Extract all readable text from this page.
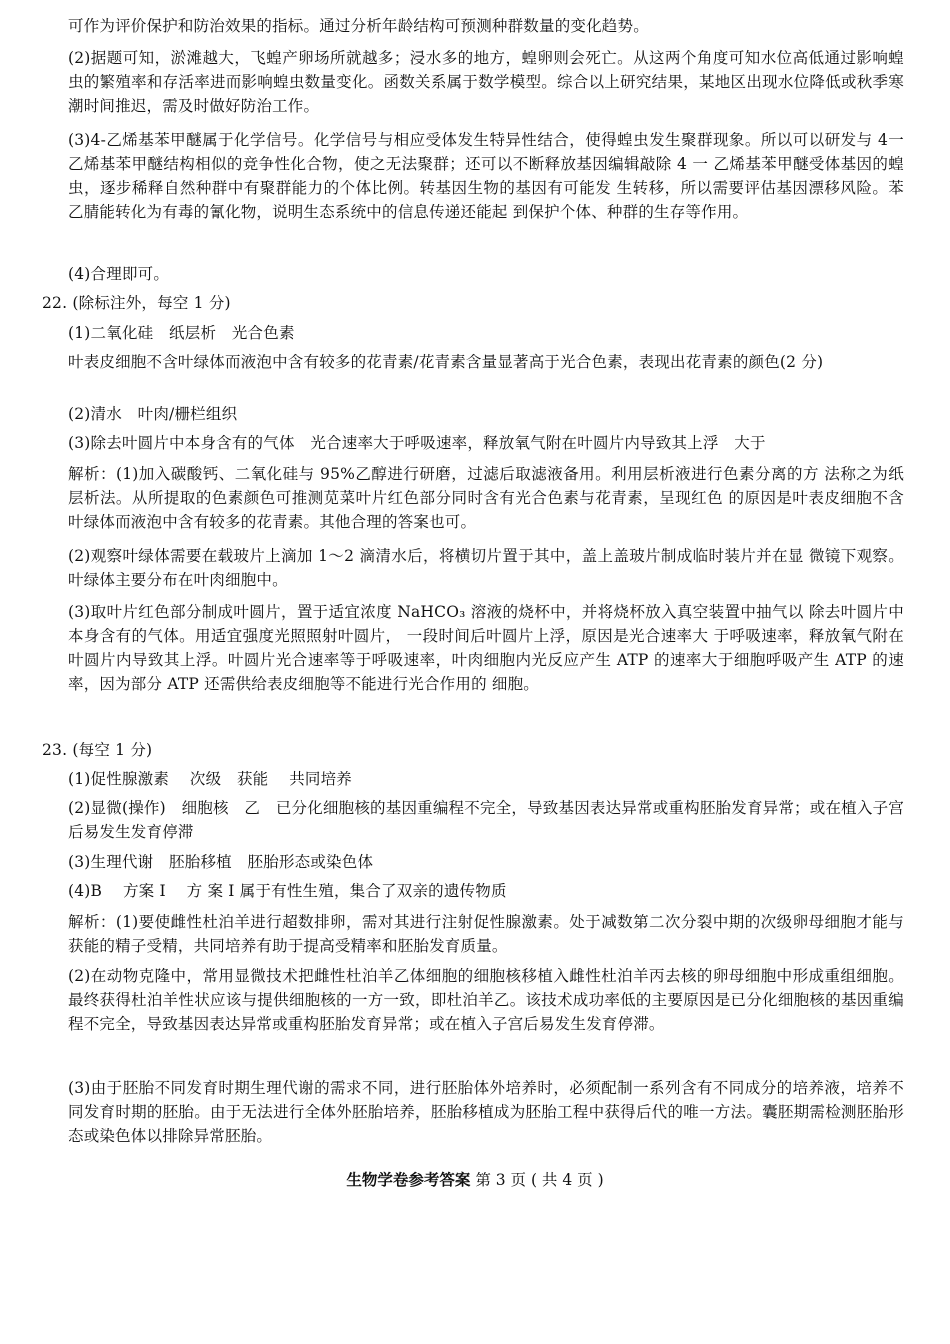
可作为评价保护和防治效果的指标。通过分析年龄结构可预测种群数量的变化趋势。
(2)据题可知，淤滩越大，飞蝗产卵场所就越多；浸水多的地方，蝗卵则会死亡。从这两个角度可知水位高低通过影响蝗虫的繁殖率和存活率进而影响蝗虫数量变化。函数关系属于数学模型。综合以上研究结果，某地区出现水位降低或秋季寒潮时间推迟，需及时做好防治工作。
(3)4-乙烯基苯甲醚属于化学信号。化学信号与相应受体发生特异性结合，使得蝗虫发生聚群现象。所以可以研发与 4一乙烯基苯甲醚结构相似的竞争性化合物，使之无法聚群；还可以不断释放基因编辑敲除 4 一 乙烯基苯甲醚受体基因的蝗虫，逐步稀释自然种群中有聚群能力的个体比例。转基因生物的基因有可能发 生转移，所以需要评估基因漂移风险。苯乙腈能转化为有毒的氰化物，说明生态系统中的信息传递还能起 到保护个体、种群的生存等作用。
(4)合理即可。
22. (除标注外，每空 1 分)
(1)二氧化硅　纸层析　光合色素
叶表皮细胞不含叶绿体而液泡中含有较多的花青素/花青素含量显著高于光合色素，表现出花青素的颜色(2 分)
(2)清水　叶肉/栅栏组织
(3)除去叶圆片中本身含有的气体　光合速率大于呼吸速率，释放氧气附在叶圆片内导致其上浮　大于
解析：(1)加入碳酸钙、二氧化硅与 95%乙醇进行研磨，过滤后取滤液备用。利用层析液进行色素分离的方 法称之为纸层析法。从所提取的色素颜色可推测苋菜叶片红色部分同时含有光合色素与花青素，呈现红色 的原因是叶表皮细胞不含叶绿体而液泡中含有较多的花青素。其他合理的答案也可。
(2)观察叶绿体需要在载玻片上滴加 1～2 滴清水后，将横切片置于其中，盖上盖玻片制成临时装片并在显 微镜下观察。叶绿体主要分布在叶肉细胞中。
(3)取叶片红色部分制成叶圆片，置于适宜浓度 NaHCO₃ 溶液的烧杯中，并将烧杯放入真空装置中抽气以 除去叶圆片中本身含有的气体。用适宜强度光照照射叶圆片， 一段时间后叶圆片上浮，原因是光合速率大 于呼吸速率，释放氧气附在叶圆片内导致其上浮。叶圆片光合速率等于呼吸速率，叶肉细胞内光反应产生 ATP 的速率大于细胞呼吸产生 ATP 的速率，因为部分 ATP 还需供给表皮细胞等不能进行光合作用的 细胞。
23. (每空 1 分)
(1)促性腺激素　 次级　获能　 共同培养
(2)显微(操作)　细胞核　乙　已分化细胞核的基因重编程不完全，导致基因表达异常或重构胚胎发育异常；或在植入子宫后易发生发育停滞
(3)生理代谢　胚胎移植　胚胎形态或染色体
(4)B　 方案 I　 方 案 I 属于有性生殖，集合了双亲的遗传物质
解析：(1)要使雌性杜泊羊进行超数排卵，需对其进行注射促性腺激素。处于减数第二次分裂中期的次级卵母细胞才能与获能的精子受精，共同培养有助于提高受精率和胚胎发育质量。
(2)在动物克隆中，常用显微技术把雌性杜泊羊乙体细胞的细胞核移植入雌性杜泊羊丙去核的卵母细胞中形成重组细胞。最终获得杜泊羊性状应该与提供细胞核的一方一致，即杜泊羊乙。该技术成功率低的主要原因是已分化细胞核的基因重编程不完全，导致基因表达异常或重构胚胎发育异常；或在植入子宫后易发生发育停滞。
(3)由于胚胎不同发育时期生理代谢的需求不同，进行胚胎体外培养时，必须配制一系列含有不同成分的培养液，培养不同发育时期的胚胎。由于无法进行全体外胚胎培养，胚胎移植成为胚胎工程中获得后代的唯一方法。囊胚期需检测胚胎形态或染色体以排除异常胚胎。
生物学卷参考答案 第 3 页 ( 共 4 页 )
